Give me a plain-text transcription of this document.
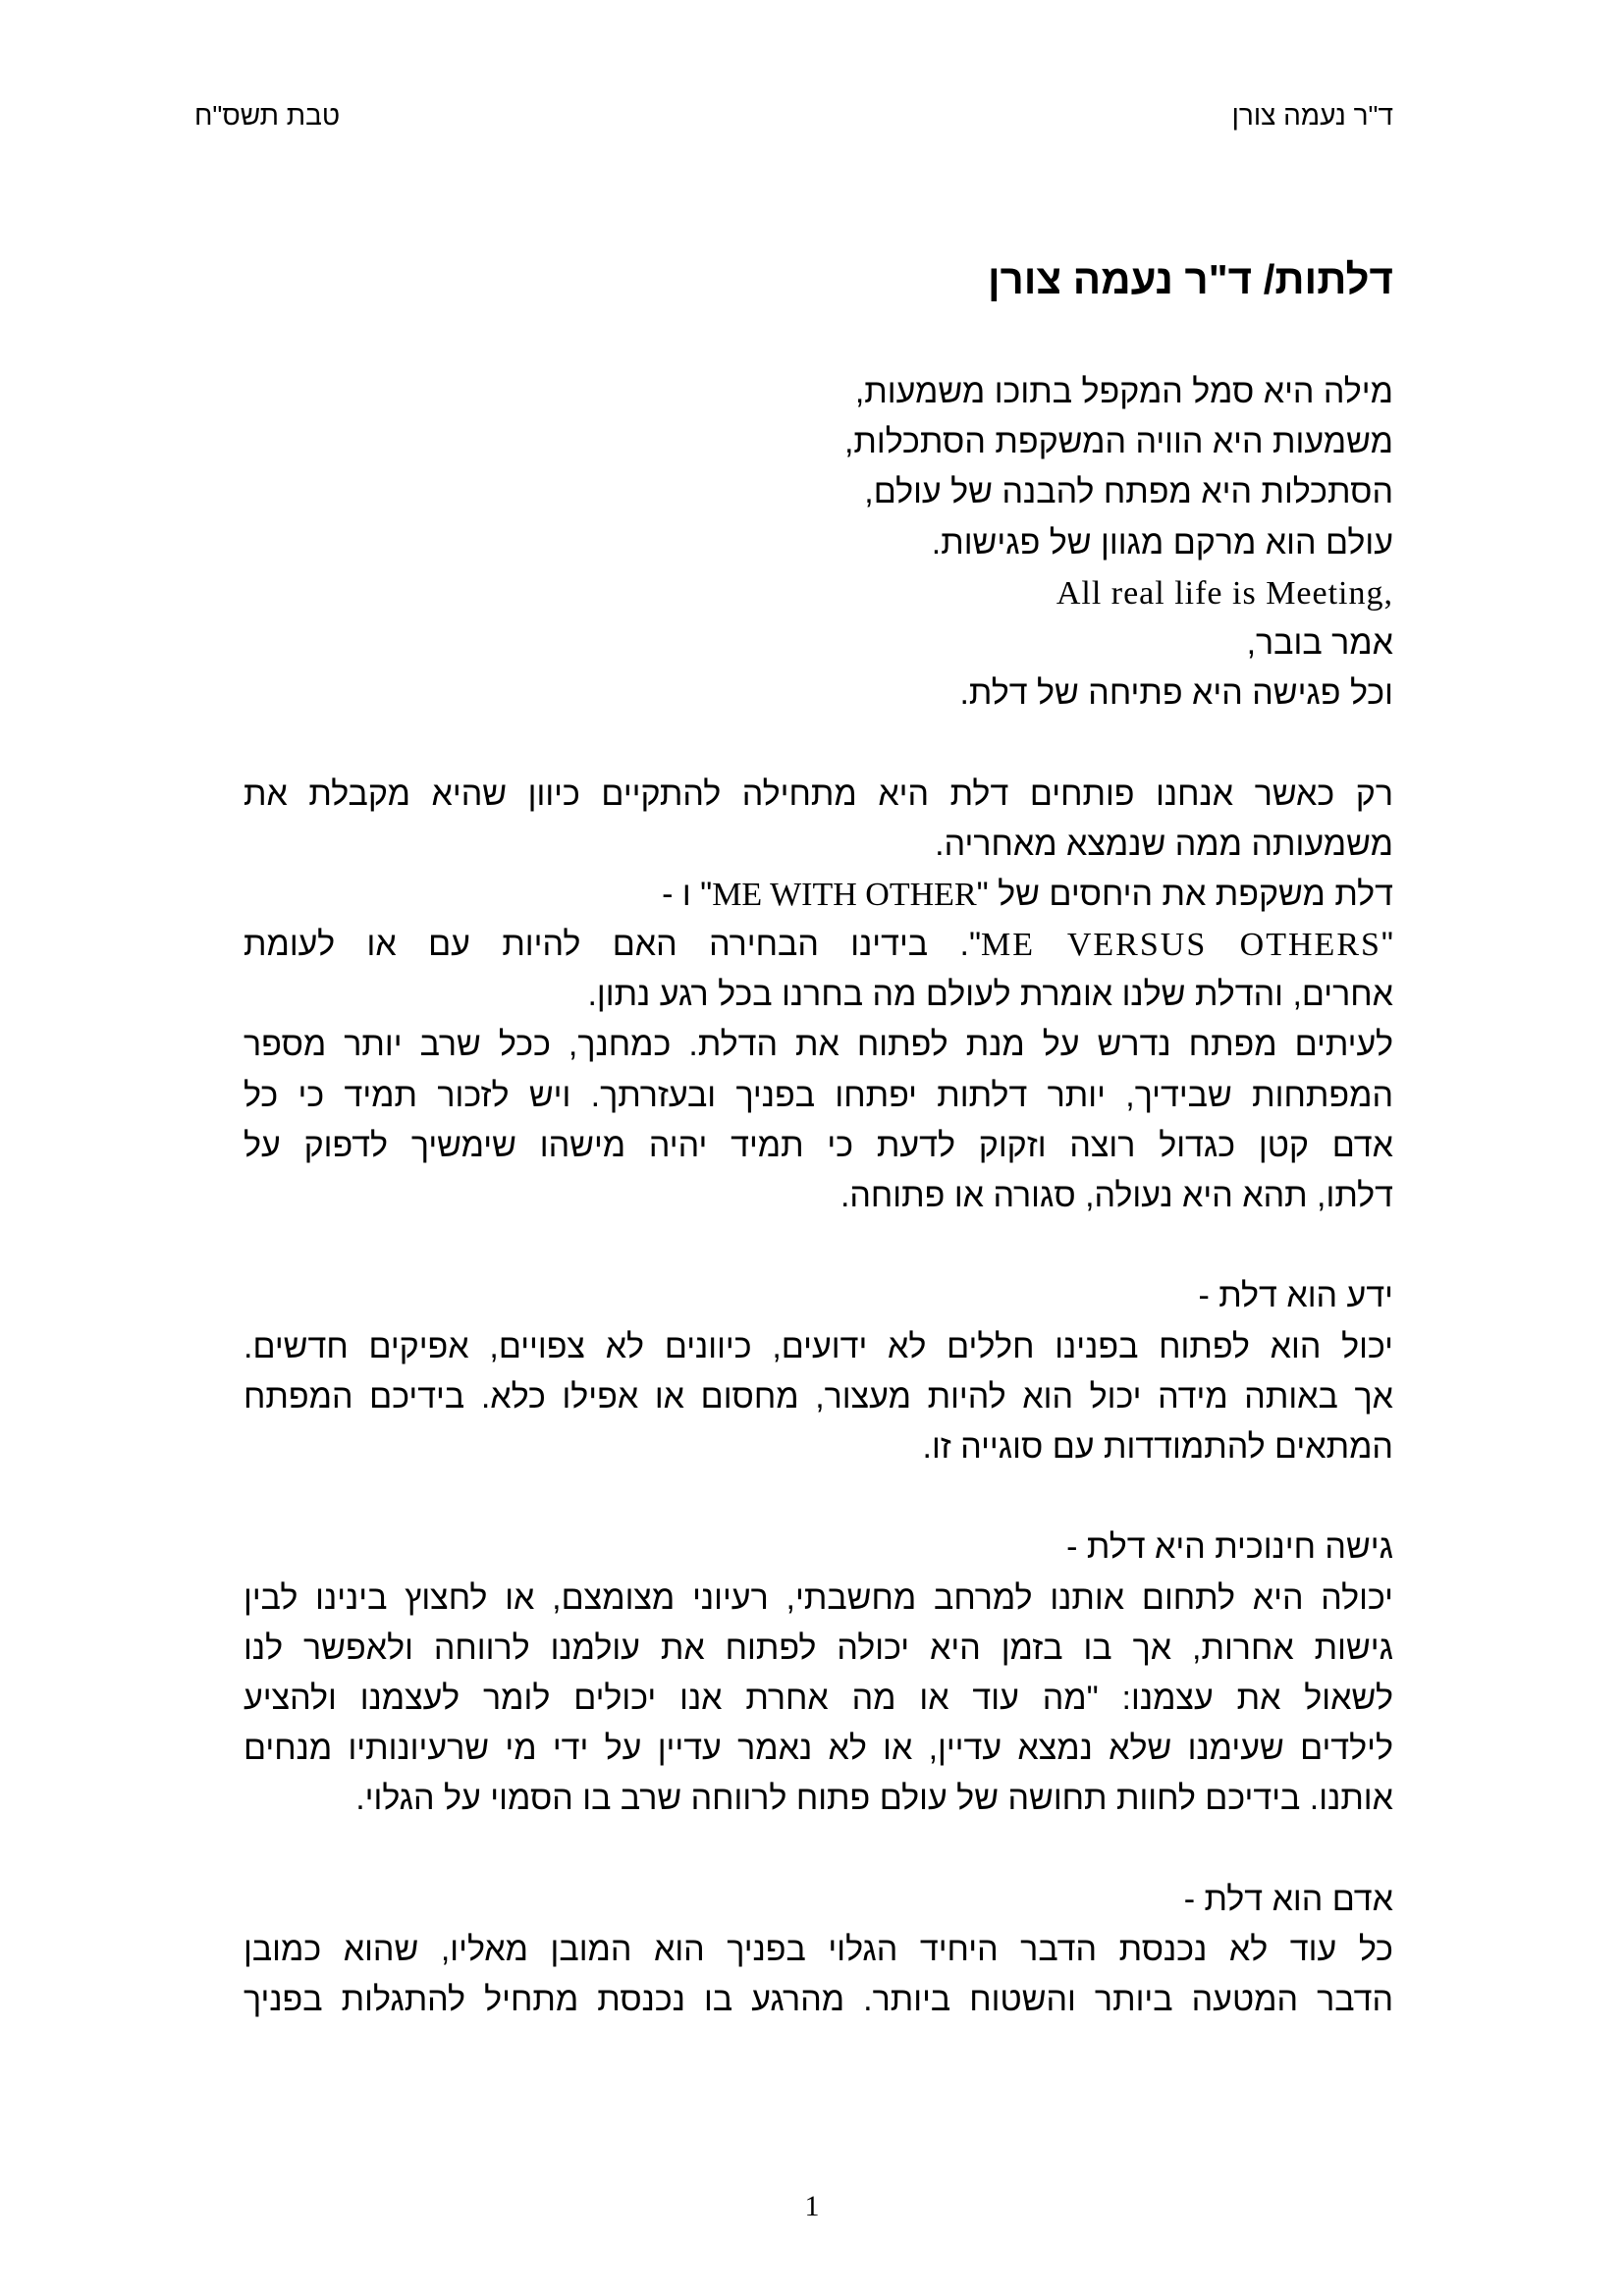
ד"ר נעמה צורן
טבת תשס"ח
דלתות/ ד"ר נעמה צורן
מילה היא סמל המקפל בתוכו משמעות,
משמעות היא הוויה המשקפת הסתכלות,
הסתכלות היא מפתח להבנה של עולם,
עולם הוא מרקם מגוון של פגישות.
All real life is Meeting,
אמר בובר,
וכל פגישה היא פתיחה של דלת.
רק כאשר אנחנו פותחים דלת היא מתחילה להתקיים כיוון שהיא מקבלת את
משמעותה ממה שנמצא מאחריה.
דלת משקפת את היחסים של "ME WITH OTHER" ו -
"ME VERSUS OTHERS". בידינו הבחירה האם להיות עם או לעומת
אחרים, והדלת שלנו אומרת לעולם מה בחרנו בכל רגע נתון.
לעיתים מפתח נדרש על מנת לפתוח את הדלת. כמחנך, ככל שרב יותר מספר
המפתחות שבידיך, יותר דלתות יפתחו בפניך ובעזרתך. ויש לזכור תמיד כי כל
אדם קטן כגדול רוצה וזקוק לדעת כי תמיד יהיה מישהו שימשיך לדפוק על
דלתו, תהא היא נעולה, סגורה או פתוחה.
ידע הוא דלת -
יכול הוא לפתוח בפנינו חללים לא ידועים, כיוונים לא צפויים, אפיקים חדשים.
אך באותה מידה יכול הוא להיות מעצור, מחסום או אפילו כלא. בידיכם המפתח
המתאים להתמודדות עם סוגייה זו.
גישה חינוכית היא דלת -
יכולה היא לתחום אותנו למרחב מחשבתי, רעיוני מצומצם, או לחצוץ בינינו לבין
גישות אחרות, אך בו בזמן היא יכולה לפתוח את עולמנו לרווחה ולאפשר לנו
לשאול את עצמנו: "מה עוד או מה אחרת אנו יכולים לומר לעצמנו ולהציע
לילדים שעימנו שלא נמצא עדיין, או לא נאמר עדיין על ידי מי שרעיונותיו מנחים
אותנו. בידיכם לחוות תחושה של עולם פתוח לרווחה שרב בו הסמוי על הגלוי.
אדם הוא דלת -
כל עוד לא נכנסת הדבר היחיד הגלוי בפניך הוא המובן מאליו, שהוא כמובן
הדבר המטעה ביותר והשטוח ביותר. מהרגע בו נכנסת מתחיל להתגלות בפניך
1
